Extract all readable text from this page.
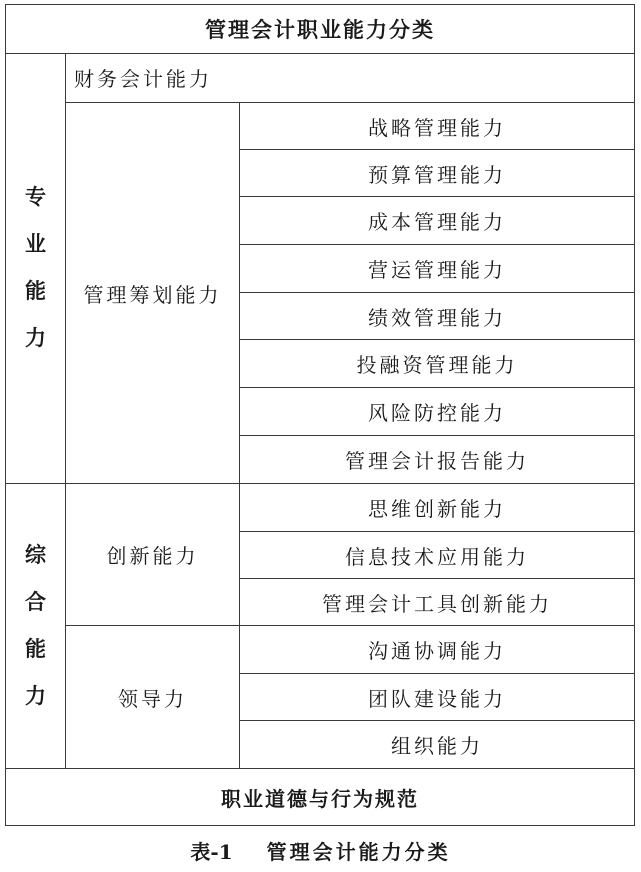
管理会计职业能力分类
专
业
能
力
财务会计能力
管理筹划能力
战略管理能力
预算管理能力
成本管理能力
营运管理能力
绩效管理能力
投融资管理能力
风险防控能力
管理会计报告能力
综
合
能
力
创新能力
思维创新能力
信息技术应用能力
管理会计工具创新能力
领导力
沟通协调能力
团队建设能力
组织能力
职业道德与行为规范
表-1 管理会计能力分类
